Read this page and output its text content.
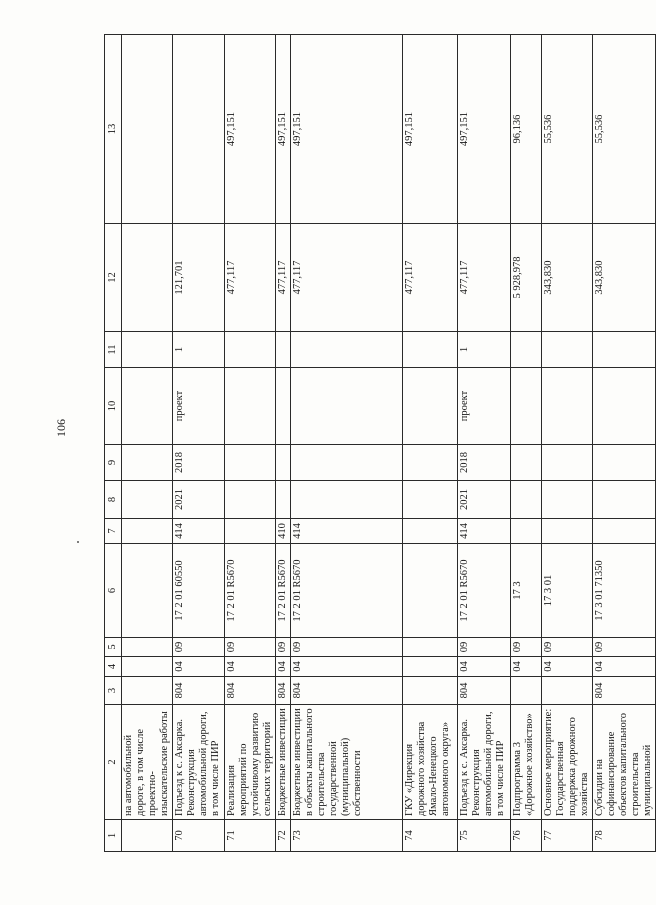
106
1	2	3	4	5	6	7	8	9	10	11	12	13
	на автомобильной дороге, в том числе проектно-изыскательские работы											
70	Подъезд к с. Аксарка. Реконструкция автомобильной дороги, в том числе ПИР	804	04	09	17 2 01 60550	414	2021	2018	проект	1	121,701	
71	Реализация мероприятий по устойчивому развитию сельских территорий	804	04	09	17 2 01 R5670						477,117	497,151
72	Бюджетные инвестиции	804	04	09	17 2 01 R5670	410					477,117	497,151
73	Бюджетные инвестиции в объекты капитального строительства государственной (муниципальной) собственности	804	04	09	17 2 01 R5670	414					477,117	497,151
74	ГКУ «Дирекция дорожного хозяйства Ямало-Ненецкого автономного округа»										477,117	497,151
75	Подъезд к с. Аксарка. Реконструкция автомобильной дороги, в том числе ПИР	804	04	09	17 2 01 R5670	414	2021	2018	проект	1	477,117	497,151
76	Подпрограмма 3 «Дорожное хозяйство»		04	09	17 3						5 928,978	96,136
77	Основное мероприятие: Государственная поддержка дорожного хозяйства		04	09	17 3 01						343,830	55,536
78	Субсидии на софинансирование объектов капитального строительства муниципальной	804	04	09	17 3 01 71350						343,830	55,536
